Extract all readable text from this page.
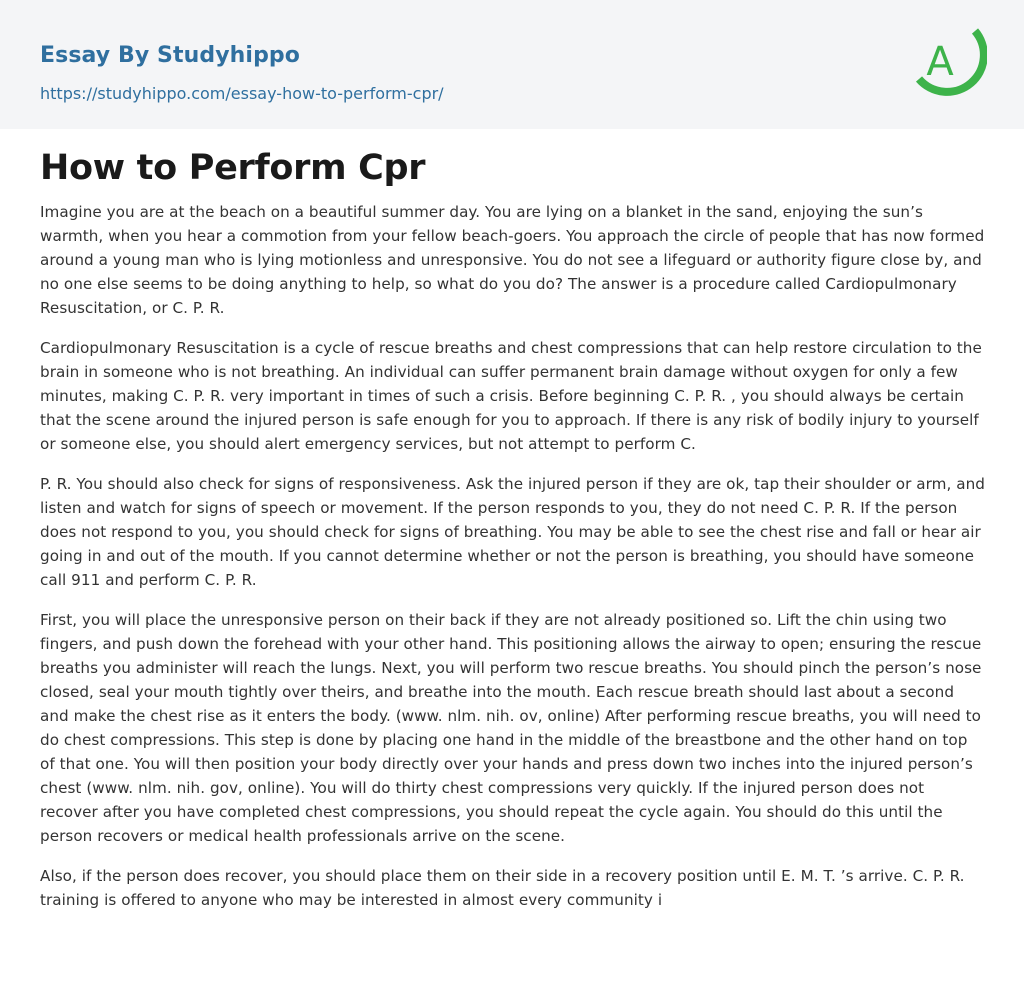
Essay By Studyhippo
https://studyhippo.com/essay-how-to-perform-cpr/
A
How to Perform Cpr

Imagine you are at the beach on a beautiful summer day. You are lying on a blanket in the sand, enjoying the sun’s warmth, when you hear a commotion from your fellow beach-goers. You approach the circle of people that has now formed around a young man who is lying motionless and unresponsive. You do not see a lifeguard or authority figure close by, and no one else seems to be doing anything to help, so what do you do? The answer is a procedure called Cardiopulmonary Resuscitation, or C. P. R.

Cardiopulmonary Resuscitation is a cycle of rescue breaths and chest compressions that can help restore circulation to the brain in someone who is not breathing. An individual can suffer permanent brain damage without oxygen for only a few minutes, making C. P. R. very important in times of such a crisis. Before beginning C. P. R. , you should always be certain that the scene around the injured person is safe enough for you to approach. If there is any risk of bodily injury to yourself or someone else, you should alert emergency services, but not attempt to perform C.

P. R. You should also check for signs of responsiveness. Ask the injured person if they are ok, tap their shoulder or arm, and listen and watch for signs of speech or movement. If the person responds to you, they do not need C. P. R. If the person does not respond to you, you should check for signs of breathing. You may be able to see the chest rise and fall or hear air going in and out of the mouth. If you cannot determine whether or not the person is breathing, you should have someone call 911 and perform C. P. R.

First, you will place the unresponsive person on their back if they are not already positioned so. Lift the chin using two fingers, and push down the forehead with your other hand. This positioning allows the airway to open; ensuring the rescue breaths you administer will reach the lungs. Next, you will perform two rescue breaths. You should pinch the person’s nose closed, seal your mouth tightly over theirs, and breathe into the mouth. Each rescue breath should last about a second and make the chest rise as it enters the body. (www. nlm. nih. ov, online) After performing rescue breaths, you will need to do chest compressions. This step is done by placing one hand in the middle of the breastbone and the other hand on top of that one. You will then position your body directly over your hands and press down two inches into the injured person’s chest (www. nlm. nih. gov, online). You will do thirty chest compressions very quickly. If the injured person does not recover after you have completed chest compressions, you should repeat the cycle again. You should do this until the person recovers or medical health professionals arrive on the scene.

Also, if the person does recover, you should place them on their side in a recovery position until E. M. T. ’s arrive. C. P. R. training is offered to anyone who may be interested in almost every community i
